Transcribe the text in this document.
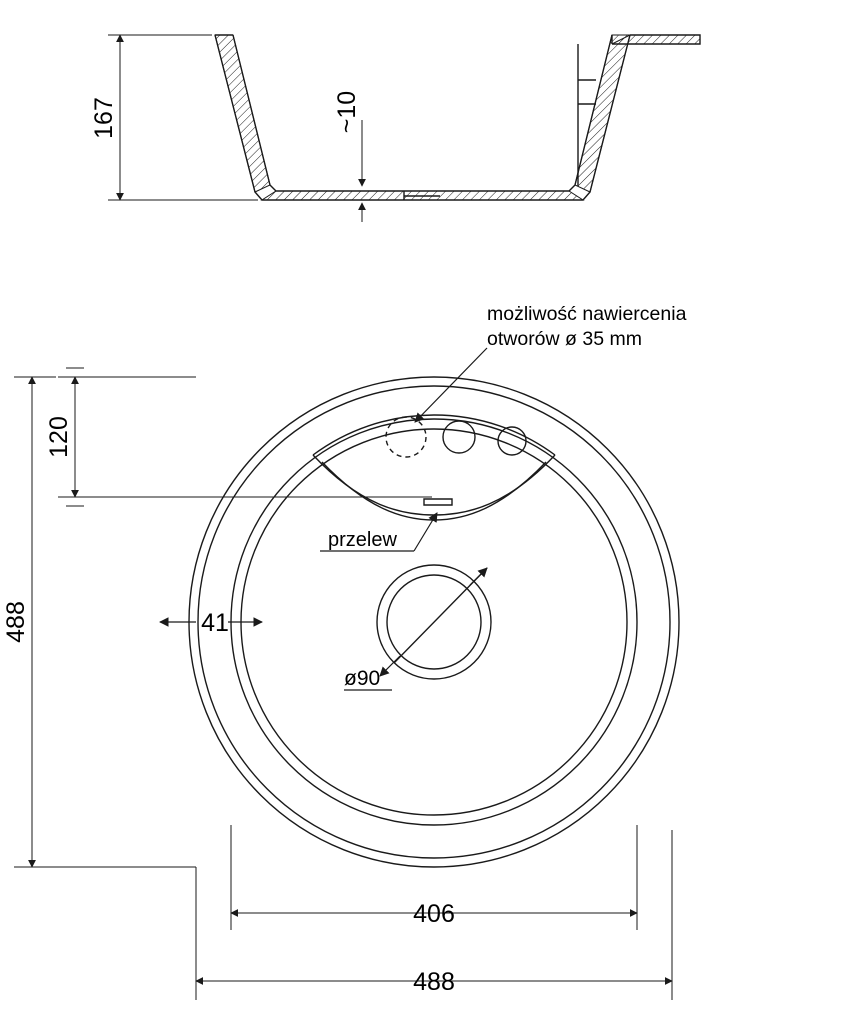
167	~10
możliwość nawiercenia
otworów ø 35 mm
przelew
ø90
41
120
488
406
488
